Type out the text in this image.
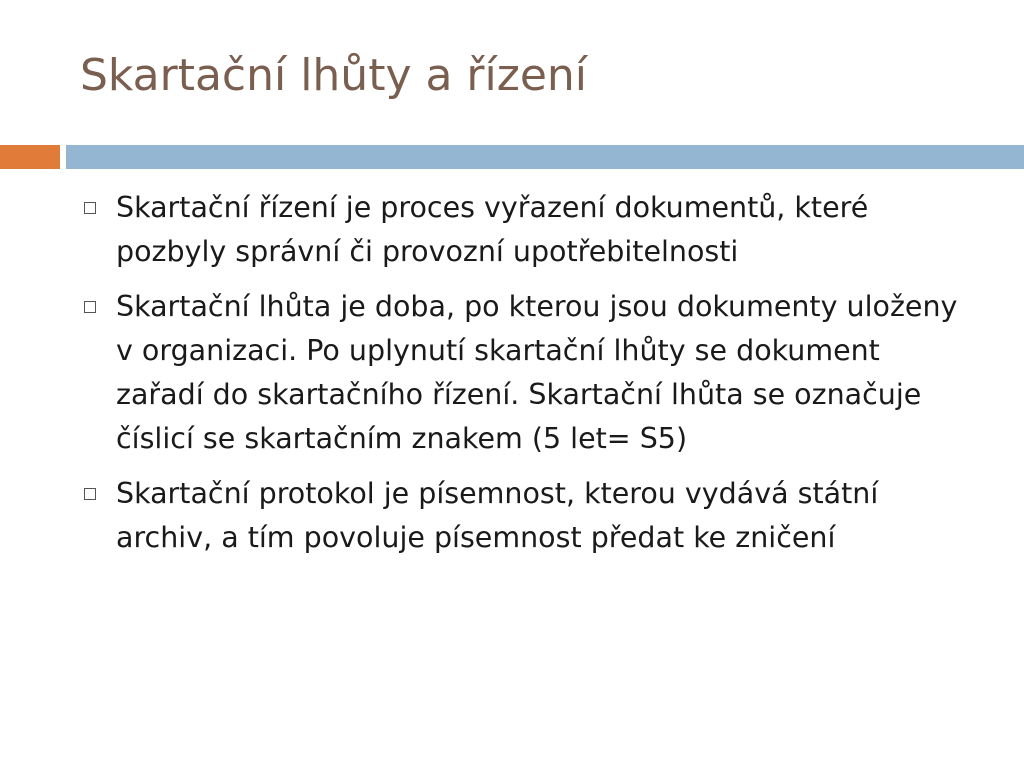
Skartační lhůty a řízení
Skartační řízení je proces vyřazení dokumentů, které pozbyly správní či provozní upotřebitelnosti
Skartační lhůta je doba, po kterou jsou dokumenty uloženy v organizaci. Po uplynutí skartační lhůty se dokument zařadí do skartačního řízení. Skartační lhůta se označuje číslicí se skartačním znakem (5 let= S5)
Skartační protokol je písemnost, kterou vydává státní archiv, a tím povoluje písemnost předat ke zničení
